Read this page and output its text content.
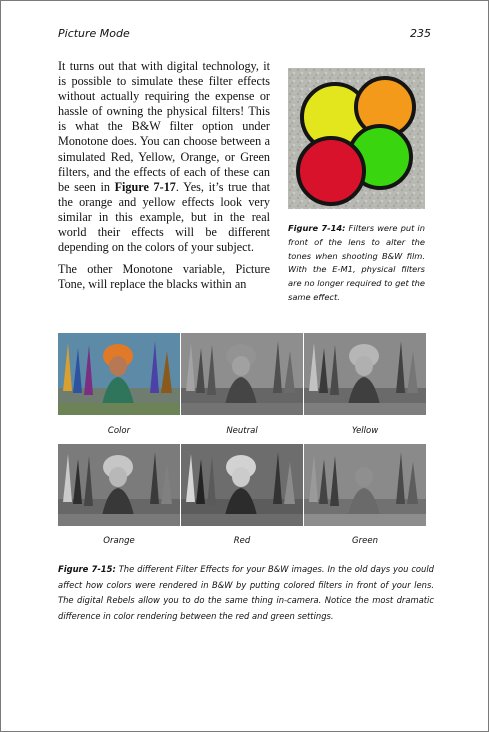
Picture Mode	235

It turns out that with digital technology, it is possible to simulate these filter effects without actually requiring the expense or hassle of owning the physical filters! This is what the B&W filter option under Monotone does. You can choose between a simulated Red, Yellow, Orange, or Green filters, and the effects of each of these can be seen in Figure 7-17. Yes, it’s true that the orange and yellow effects look very similar in this example, but in the real world their effects will be different depending on the colors of your subject.

The other Monotone variable, Picture Tone, will replace the blacks within an

Figure 7-14: Filters were put in front of the lens to alter the tones when shooting B&W film. With the E-M1, physical filters are no longer required to get the same effect.
Color	Neutral	Yellow
Orange	Red	Green
Figure 7-15: The different Filter Effects for your B&W images. In the old days you could affect how colors were rendered in B&W by putting colored filters in front of your lens. The digital Rebels allow you to do the same thing in-camera. Notice the most dramatic difference in color rendering between the red and green settings.
